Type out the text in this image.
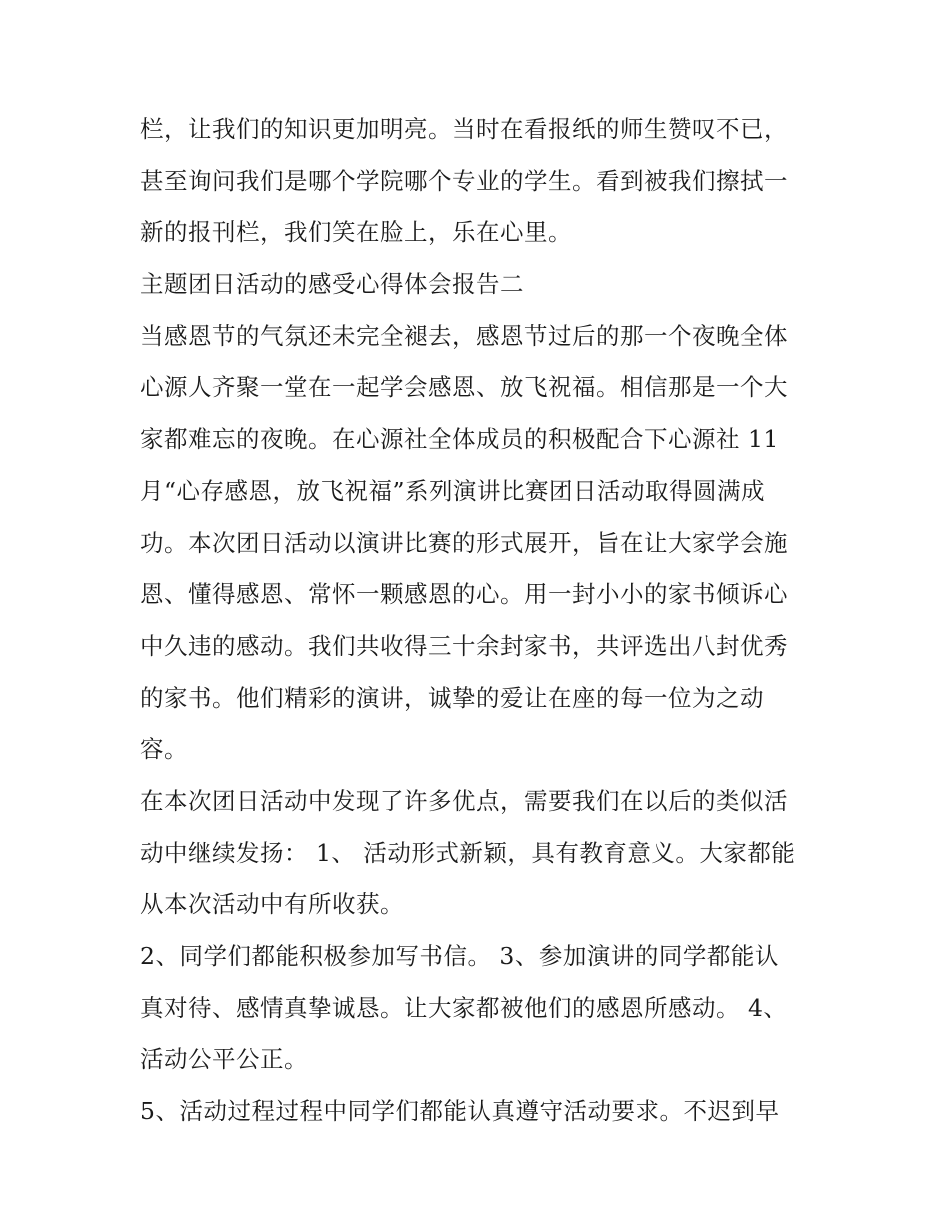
栏，让我们的知识更加明亮。当时在看报纸的师生赞叹不已，
甚至询问我们是哪个学院哪个专业的学生。看到被我们擦拭一
新的报刊栏，我们笑在脸上，乐在心里。
主题团日活动的感受心得体会报告二
当感恩节的气氛还未完全褪去，感恩节过后的那一个夜晚全体
心源人齐聚一堂在一起学会感恩、放飞祝福。相信那是一个大
家都难忘的夜晚。在心源社全体成员的积极配合下心源社 11
月“心存感恩，放飞祝福”系列演讲比赛团日活动取得圆满成
功。本次团日活动以演讲比赛的形式展开，旨在让大家学会施
恩、懂得感恩、常怀一颗感恩的心。用一封小小的家书倾诉心
中久违的感动。我们共收得三十余封家书，共评选出八封优秀
的家书。他们精彩的演讲，诚挚的爱让在座的每一位为之动
容。
在本次团日活动中发现了许多优点，需要我们在以后的类似活
动中继续发扬： 1、 活动形式新颖，具有教育意义。大家都能
从本次活动中有所收获。
2、同学们都能积极参加写书信。 3、参加演讲的同学都能认
真对待、感情真挚诚恳。让大家都被他们的感恩所感动。 4、
活动公平公正。
5、活动过程过程中同学们都能认真遵守活动要求。不迟到早
